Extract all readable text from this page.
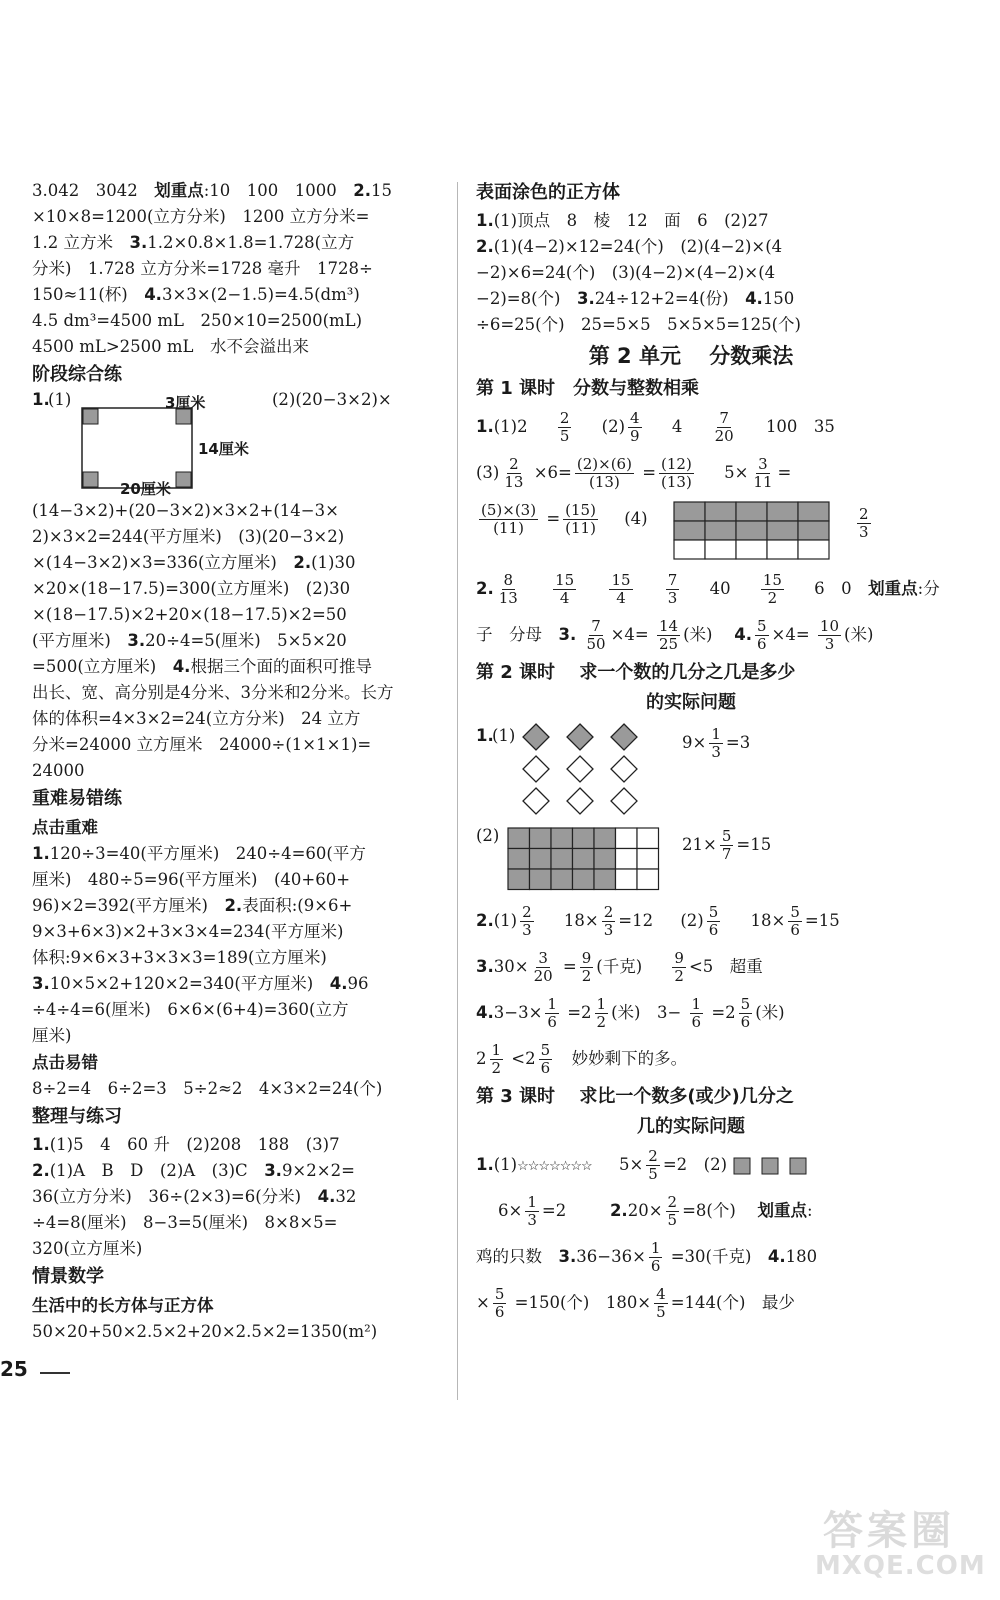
3.042　3042　划重点:10　100　1000　2.15
×10×8=1200(立方分米)　1200 立方分米=
1.2 立方米　3.1.2×0.8×1.8=1.728(立方
分米)　1.728 立方分米=1728 毫升　1728÷
150≈11(杯)　4.3×3×(2−1.5)=4.5(dm³)
4.5 dm³=4500 mL　250×10=2500(mL)
4500 mL>2500 mL　水不会溢出来
阶段综合练
1.
(1)	(2)(20−3×2)×
3厘米
14厘米
20厘米
(14−3×2)+(20−3×2)×3×2+(14−3×
2)×3×2=244(平方厘米)　(3)(20−3×2)
×(14−3×2)×3=336(立方厘米)　2.(1)30
×20×(18−17.5)=300(立方厘米)　(2)30
×(18−17.5)×2+20×(18−17.5)×2=50
(平方厘米)　3.20÷4=5(厘米)　5×5×20
=500(立方厘米)　4.根据三个面的面积可推导
出长、宽、高分别是4分米、3分米和2分米。长方
体的体积=4×3×2=24(立方分米)　24 立方
分米=24000 立方厘米　24000÷(1×1×1)=
24000
重难易错练
点击重难
1.120÷3=40(平方厘米)　240÷4=60(平方
厘米)　480÷5=96(平方厘米)　(40+60+
96)×2=392(平方厘米)　2.表面积:(9×6+
9×3+6×3)×2+3×3×4=234(平方厘米)
体积:9×6×3+3×3×3=189(立方厘米)
3.10×5×2+120×2=340(平方厘米)　4.96
÷4÷4=6(厘米)　6×6×(6+4)=360(立方
厘米)
点击易错
8÷2=4　6÷2=3　5÷2≈2　4×3×2=24(个)
整理与练习
1.(1)5　4　60 升　(2)208　188　(3)7
2.(1)A　B　D　(2)A　(3)C　3.9×2×2=
36(立方分米)　36÷(2×3)=6(分米)　4.32
÷4=8(厘米)　8−3=5(厘米)　8×8×5=
320(立方厘米)
情景数学
生活中的长方体与正方体
50×20+50×2.5×2+20×2.5×2=1350(m²)
表面涂色的正方体
1.(1)顶点　8　棱　12　面　6　(2)27
2.(1)(4−2)×12=24(个)　(2)(4−2)×(4
−2)×6=24(个)　(3)(4−2)×(4−2)×(4
−2)=8(个)　3.24÷12+2=4(份)　4.150
÷6=25(个)　25=5×5　5×5×5=125(个)
第 2 单元　 分数乘法
第 1 课时　分数与整数相乘
$1.(1)2 \frac{2}{5} (2) \frac{4}{9} 4 \frac{7}{20} 100$　35
$(3) \frac{2}{13} \times 6= \frac{(2)\times(6)}{(13)} = \frac{(12)}{(13)} 5\times \frac{3}{11}$ =
$\frac{(5)\times(3)}{(11)} = \frac{(15)}{(11)} (4)$	2
3
2. $\frac{8}{13}$
$\frac{15}{4}$
$\frac{15}{4}$
$\frac{7}{3} 40 \frac{15}{2} 6$　0　划重点:分
子　分母　3. $\frac{7}{50} \times 4= \frac{14}{25}$ (米)　 4. $\frac{5}{6} \times 4= \frac{10}{3}$ (米)
第 2 课时　 求一个数的几分之几是多少
的实际问题
1.
(1)	$9\times \frac{1}{3} =3$
(2)	$21\times \frac{5}{7} =15$
$2.(1) \frac{2}{3} 18\times \frac{2}{3} =12$ $(2) \frac{5}{6} 18\times \frac{5}{6} =15$
$3.30\times \frac{3}{20} = \frac{9}{2}$ (千克) $\frac{9}{2} <5$　超重
$4.3-3\times \frac{1}{6} =2 \frac{1}{2}$ (米)　$3- \frac{1}{6} =2 \frac{5}{6}$ (米)
$2 \frac{1}{2} <2 \frac{5}{6}$ 　妙妙剩下的多。
第 3 课时　 求比一个数多(或少)几分之
几的实际问题
1.(1)☆☆☆☆☆☆☆ $5\times \frac{2}{5} =2$　(2)
$6\times \frac{1}{3} =2$　 $2.20\times \frac{2}{5} =8$(个)　 划重点:
鸡的只数　$3.36-36\times \frac{1}{6} =30$(千克)　4.180
× $\frac{5}{6} =150$(个)　$180\times \frac{4}{5} =144$(个)　最少
25
答案圈
MXQE.COM
